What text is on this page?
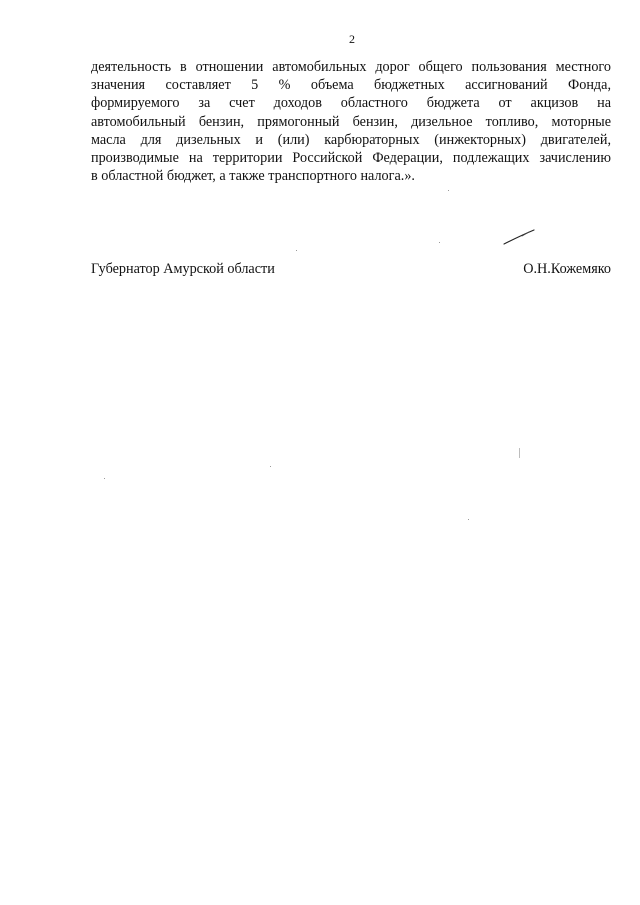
2
деятельность в отношении автомобильных дорог общего пользования местного
значения составляет 5 % объема бюджетных ассигнований Фонда,
формируемого за счет доходов областного бюджета от акцизов на
автомобильный бензин, прямогонный бензин, дизельное топливо, моторные
масла для дизельных и (или) карбюраторных (инжекторных) двигателей,
производимые на территории Российской Федерации, подлежащих зачислению
в областной бюджет, а также транспортного налога.».
Губернатор Амурской области	О.Н.Кожемяко
